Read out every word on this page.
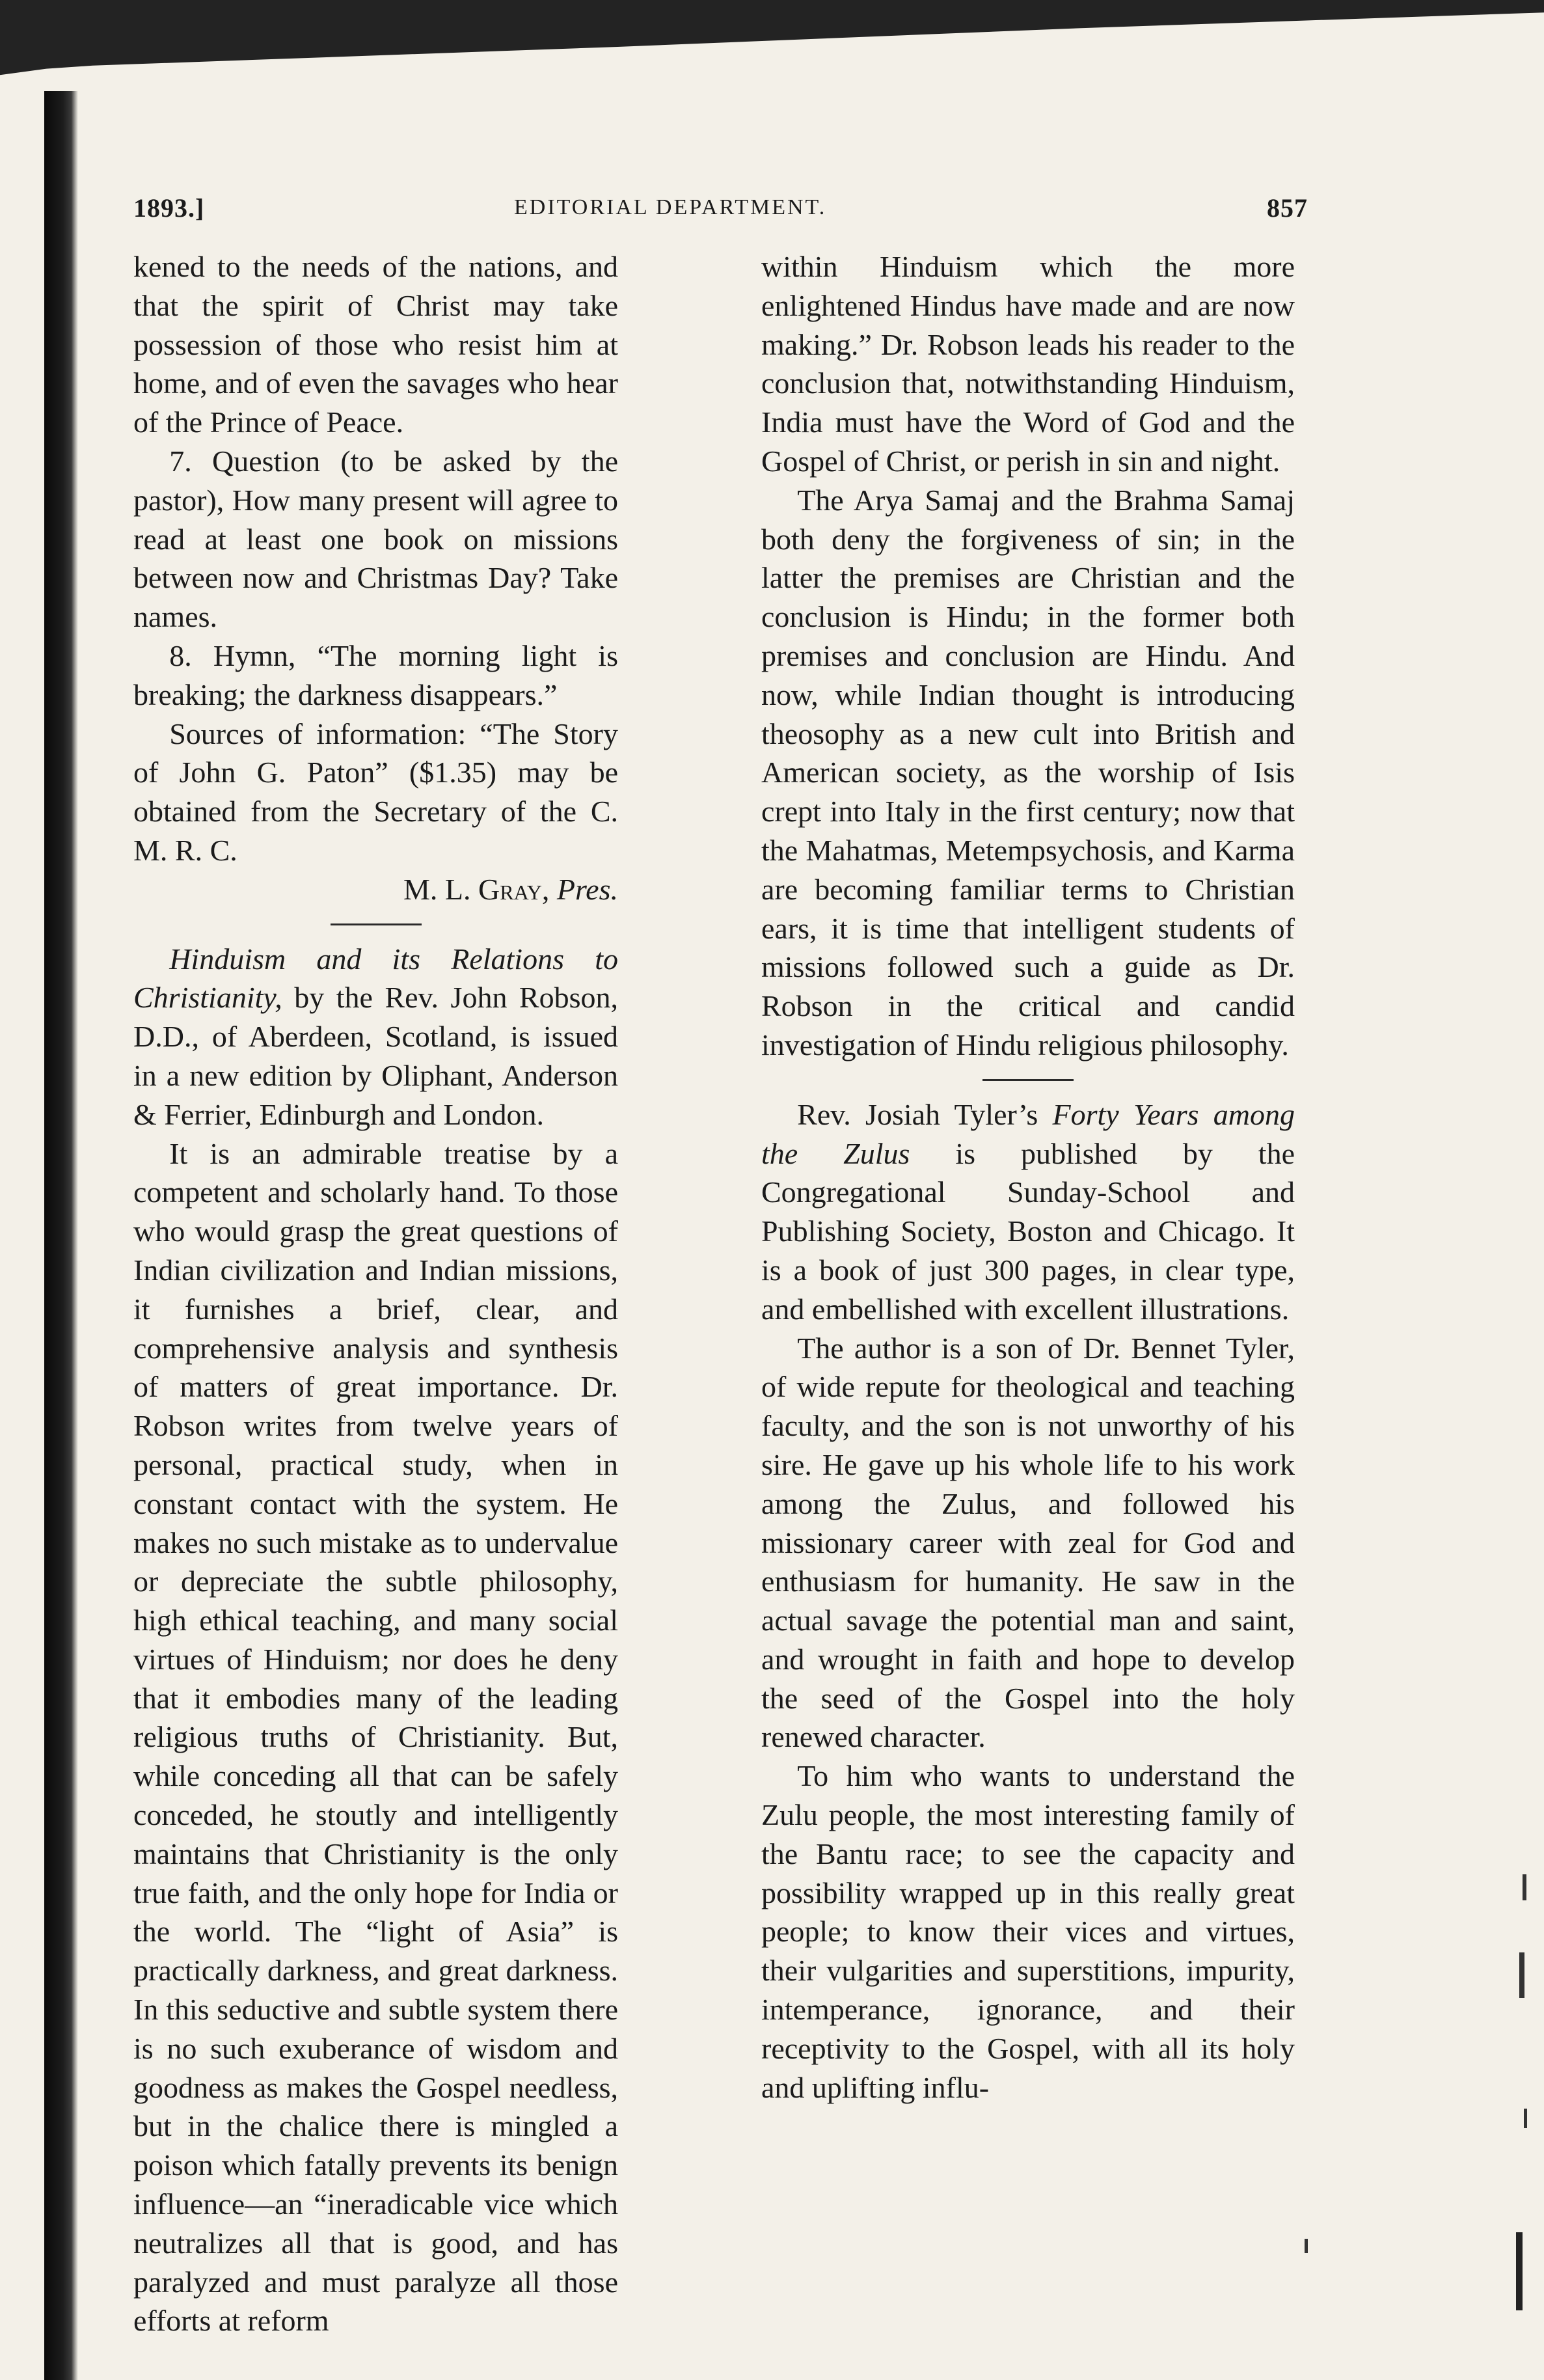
1893.]	EDITORIAL DEPARTMENT.	857

kened to the needs of the nations, and that the spirit of Christ may take possession of those who resist him at home, and of even the savages who hear of the Prince of Peace.

7. Question (to be asked by the pastor), How many present will agree to read at least one book on missions between now and Christmas Day? Take names.

8. Hymn, “The morning light is breaking; the darkness disappears.”

Sources of information: “The Story of John G. Paton” ($1.35) may be obtained from the Secretary of the C. M. R. C.

M. L. Gray, Pres.

Hinduism and its Relations to Christianity, by the Rev. John Robson, D.D., of Aberdeen, Scotland, is issued in a new edition by Oliphant, Anderson & Ferrier, Edinburgh and London.

It is an admirable treatise by a competent and scholarly hand. To those who would grasp the great questions of Indian civilization and Indian missions, it furnishes a brief, clear, and comprehensive analysis and synthesis of matters of great importance. Dr. Robson writes from twelve years of personal, practical study, when in constant contact with the system. He makes no such mistake as to undervalue or depreciate the subtle philosophy, high ethical teaching, and many social virtues of Hinduism; nor does he deny that it embodies many of the leading religious truths of Christianity. But, while conceding all that can be safely conceded, he stoutly and intelligently maintains that Christianity is the only true faith, and the only hope for India or the world. The “light of Asia” is practically darkness, and great darkness. In this seductive and subtle system there is no such exuberance of wisdom and goodness as makes the Gospel needless, but in the chalice there is mingled a poison which fatally prevents its benign influence—an “ineradicable vice which neutralizes all that is good, and has paralyzed and must paralyze all those efforts at reform

within Hinduism which the more enlightened Hindus have made and are now making.” Dr. Robson leads his reader to the conclusion that, notwithstanding Hinduism, India must have the Word of God and the Gospel of Christ, or perish in sin and night.

The Arya Samaj and the Brahma Samaj both deny the forgiveness of sin; in the latter the premises are Christian and the conclusion is Hindu; in the former both premises and conclusion are Hindu. And now, while Indian thought is introducing theosophy as a new cult into British and American society, as the worship of Isis crept into Italy in the first century; now that the Mahatmas, Metempsychosis, and Karma are becoming familiar terms to Christian ears, it is time that intelligent students of missions followed such a guide as Dr. Robson in the critical and candid investigation of Hindu religious philosophy.

Rev. Josiah Tyler’s Forty Years among the Zulus is published by the Congregational Sunday-School and Publishing Society, Boston and Chicago. It is a book of just 300 pages, in clear type, and embellished with excellent illustrations.

The author is a son of Dr. Bennet Tyler, of wide repute for theological and teaching faculty, and the son is not unworthy of his sire. He gave up his whole life to his work among the Zulus, and followed his missionary career with zeal for God and enthusiasm for humanity. He saw in the actual savage the potential man and saint, and wrought in faith and hope to develop the seed of the Gospel into the holy renewed character.

To him who wants to understand the Zulu people, the most interesting family of the Bantu race; to see the capacity and possibility wrapped up in this really great people; to know their vices and virtues, their vulgarities and superstitions, impurity, intemperance, ignorance, and their receptivity to the Gospel, with all its holy and uplifting influ-
